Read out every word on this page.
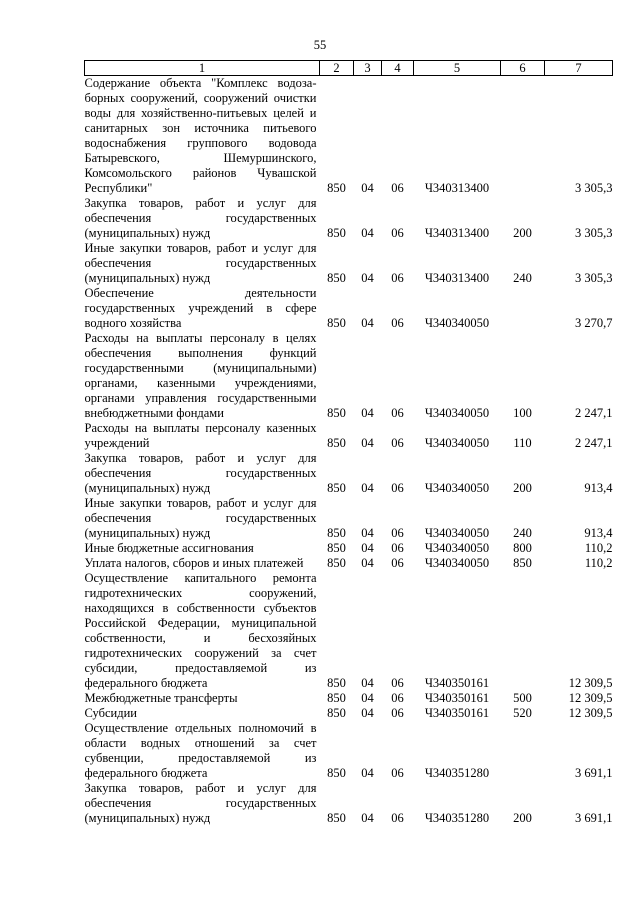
55
1	2	3	4	5	6	7
Содержание объекта "Комплекс водоза-борных сооружений, сооружений очистки воды для хозяйственно-питьевых целей и санитарных зон источника питьевого водоснабжения группового водовода Батыревского, Шемуршинского, Комсомольского районов Чувашской Республики"	850	04	06	Ч340313400		3 305,3
Закупка товаров, работ и услуг для обеспечения государственных (муниципальных) нужд	850	04	06	Ч340313400	200	3 305,3
Иные закупки товаров, работ и услуг для обеспечения государственных (муниципальных) нужд	850	04	06	Ч340313400	240	3 305,3
Обеспечение деятельности государственных учреждений в сфере водного хозяйства	850	04	06	Ч340340050		3 270,7
Расходы на выплаты персоналу в целях обеспечения выполнения функций государственными (муниципальными) органами, казенными учреждениями, органами управления государственными внебюджетными фондами	850	04	06	Ч340340050	100	2 247,1
Расходы на выплаты персоналу казенных учреждений	850	04	06	Ч340340050	110	2 247,1
Закупка товаров, работ и услуг для обеспечения государственных (муниципальных) нужд	850	04	06	Ч340340050	200	913,4
Иные закупки товаров, работ и услуг для обеспечения государственных (муниципальных) нужд	850	04	06	Ч340340050	240	913,4
Иные бюджетные ассигнования	850	04	06	Ч340340050	800	110,2
Уплата налогов, сборов и иных платежей	850	04	06	Ч340340050	850	110,2
Осуществление капитального ремонта гидротехнических сооружений, находящихся в собственности субъектов Российской Федерации, муниципальной собственности, и бесхозяйных гидротехнических сооружений за счет субсидии, предоставляемой из федерального бюджета	850	04	06	Ч340350161		12 309,5
Межбюджетные трансферты	850	04	06	Ч340350161	500	12 309,5
Субсидии	850	04	06	Ч340350161	520	12 309,5
Осуществление отдельных полномочий в области водных отношений за счет субвенции, предоставляемой из федерального бюджета	850	04	06	Ч340351280		3 691,1
Закупка товаров, работ и услуг для обеспечения государственных (муниципальных) нужд	850	04	06	Ч340351280	200	3 691,1
